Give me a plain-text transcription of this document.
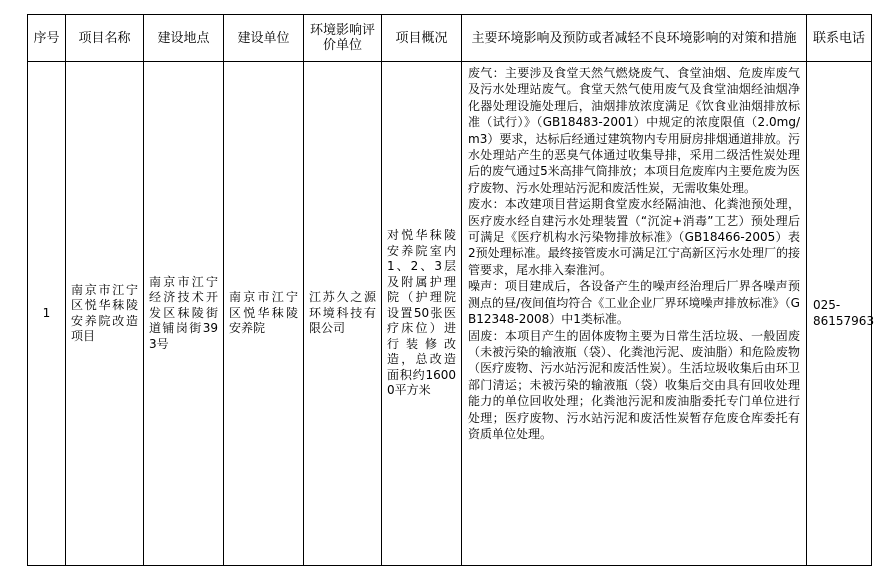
序号	项目名称	建设地点	建设单位	环境影响评价单位	项目概况	主要环境影响及预防或者减轻不良环境影响的对策和措施	联系电话
1	南京市江宁区悦华秣陵安养院改造项目	南京市江宁经济技术开发区秣陵街道铺岗街393号	南京市江宁区悦华秣陵安养院	江苏久之源环境科技有限公司	对悦华秣陵安养院室内1、2、3层及附属护理院（护理院设置50张医疗床位）进行装修改造，总改造面积约16000平方米	废气：主要涉及食堂天然气燃烧废气、食堂油烟、危废库废气及污水处理站废气。食堂天然气使用废气及食堂油烟经油烟净化器处理设施处理后，油烟排放浓度满足《饮食业油烟排放标准（试行）》（GB18483-2001）中规定的浓度限值（2.0mg/m3）要求，达标后经通过建筑物内专用厨房排烟通道排放。污水处理站产生的恶臭气体通过收集导排，采用二级活性炭处理后的废气通过5米高排气筒排放；本项目危废库内主要危废为医疗废物、污水处理站污泥和废活性炭，无需收集处理。

废水：本改建项目营运期食堂废水经隔油池、化粪池预处理，医疗废水经自建污水处理装置（“沉淀+消毒”工艺）预处理后可满足《医疗机构水污染物排放标准》（GB18466-2005）表2预处理标准。最终接管废水可满足江宁高新区污水处理厂的接管要求，尾水排入秦淮河。

噪声：项目建成后，各设备产生的噪声经治理后厂界各噪声预测点的昼/夜间值均符合《工业企业厂界环境噪声排放标准》（GB12348-2008）中1类标准。

固废：本项目产生的固体废物主要为日常生活垃圾、一般固废（未被污染的输液瓶（袋）、化粪池污泥、废油脂）和危险废物（医疗废物、污水站污泥和废活性炭）。生活垃圾收集后由环卫部门清运；未被污染的输液瓶（袋）收集后交由具有回收处理能力的单位回收处理；化粪池污泥和废油脂委托专门单位进行处理；医疗废物、污水站污泥和废活性炭暂存危废仓库委托有资质单位处理。	025-86157963
